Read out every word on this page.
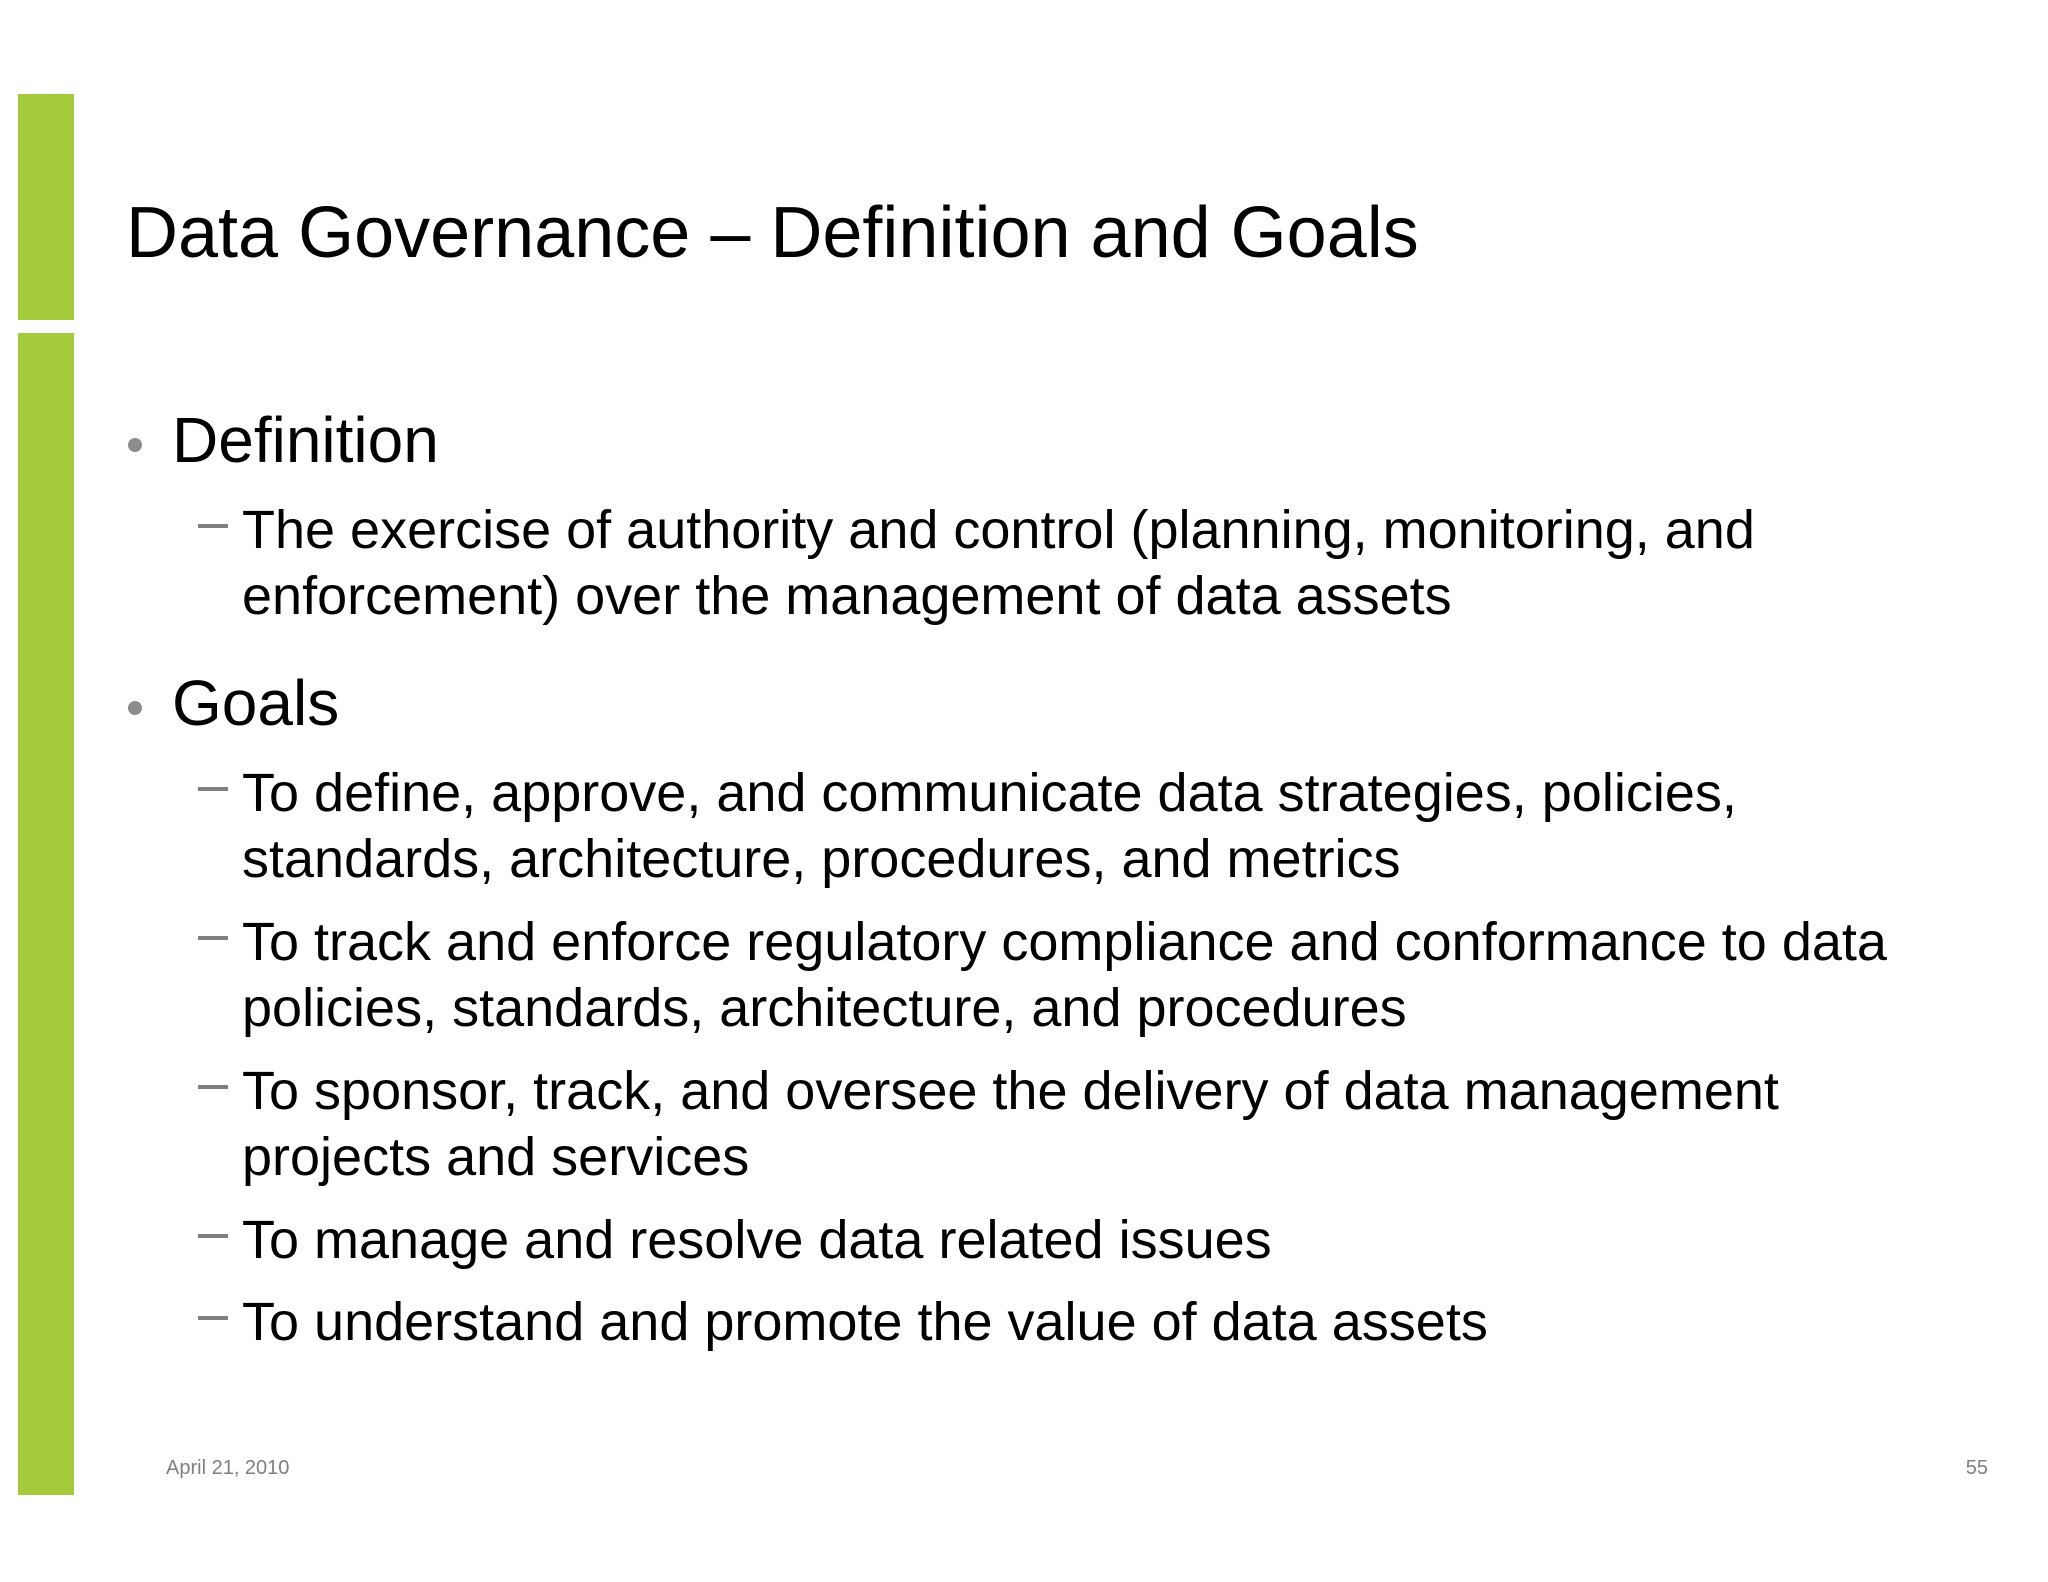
Data Governance – Definition and Goals
Definition
The exercise of authority and control (planning, monitoring, and enforcement) over the management of data assets
Goals
To define, approve, and communicate data strategies, policies, standards, architecture, procedures, and metrics
To track and enforce regulatory compliance and conformance to data policies, standards, architecture, and procedures
To sponsor, track, and oversee the delivery of data management projects and services
To manage and resolve data related issues
To understand and promote the value of data assets
April 21, 2010	55
